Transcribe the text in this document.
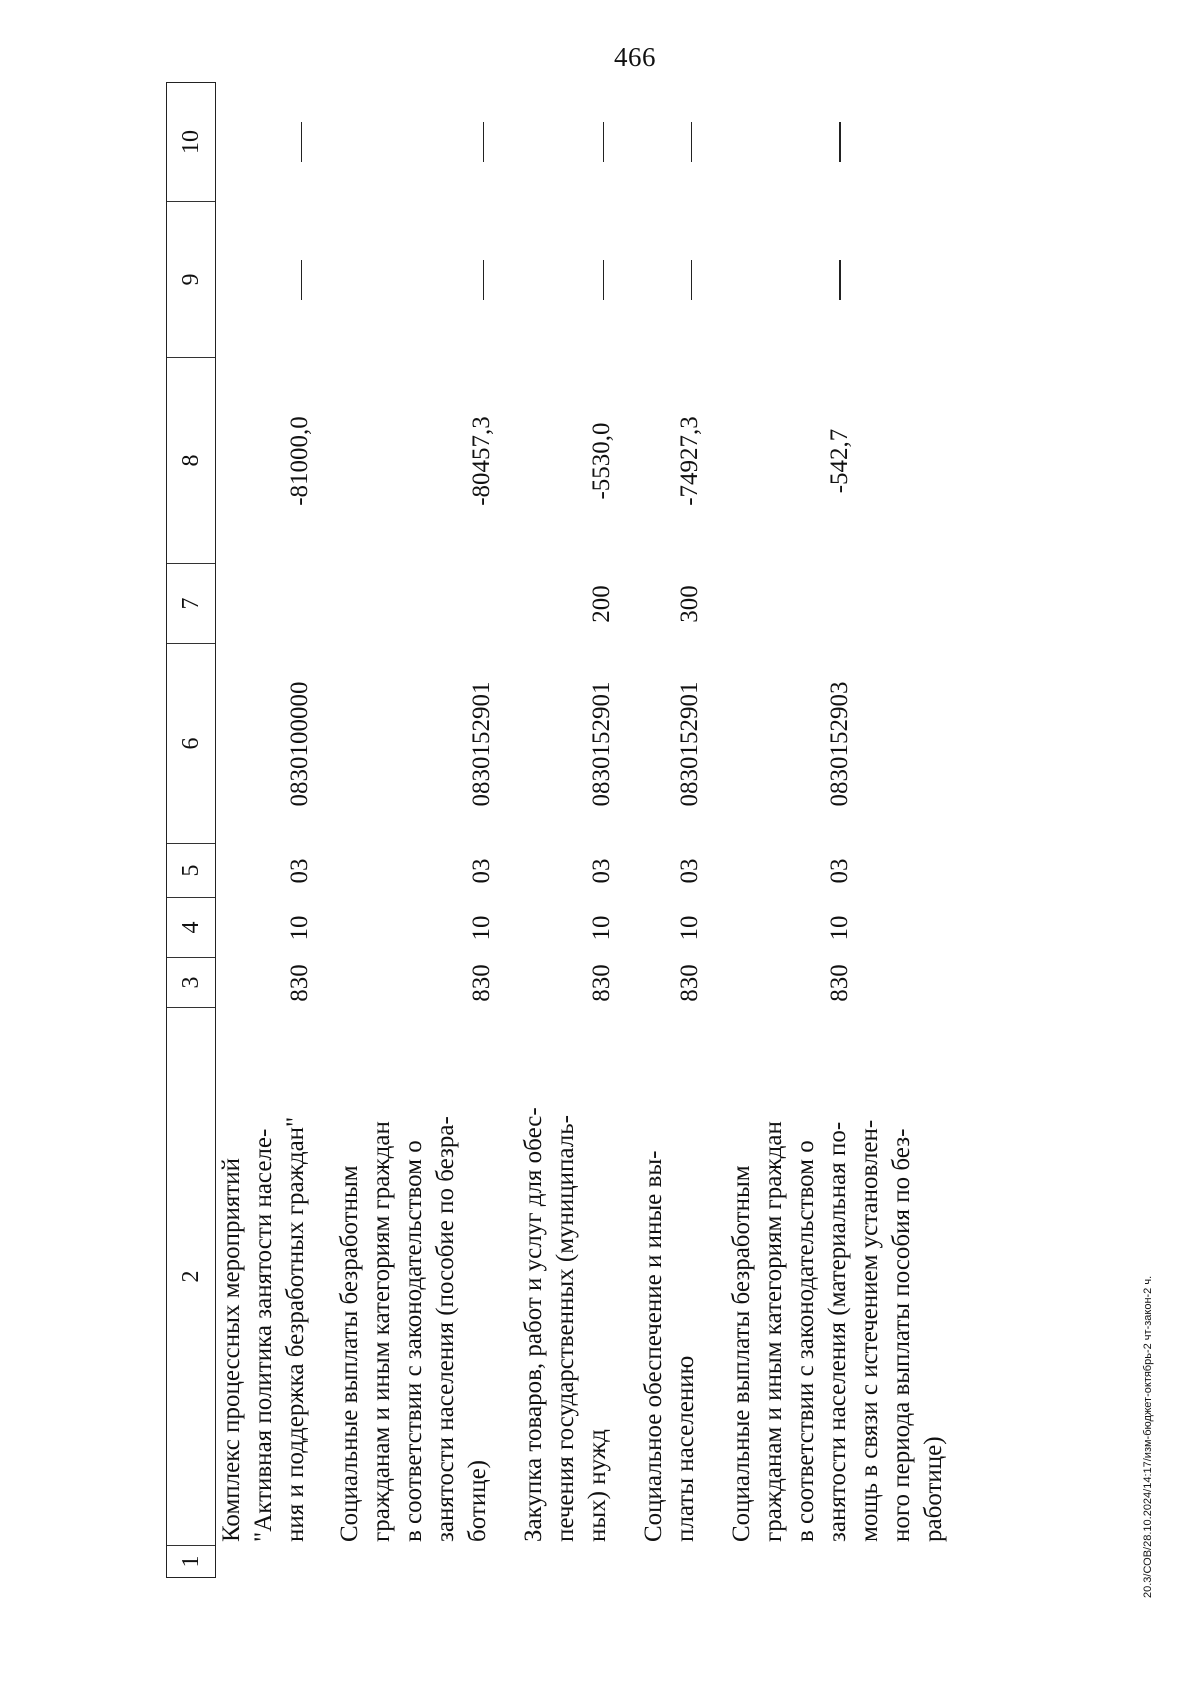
466
20.3/СОВ/28.10.2024/14:17/изм-бюджет-октябрь-2 чт-закон-2 ч.
1
2
3
4
5
6
7
8
9
10
Комплекс процессных мероприятий "Активная политика занятости населе- ния и поддержка безработных граждан"
830
10
03
0830100000
-81000,0
Социальные выплаты безработным гражданам и иным категориям граждан в соответствии с законодательством о занятости населения (пособие по безра- ботице)
830
10
03
0830152901
-80457,3
Закупка товаров, работ и услуг для обес- печения государственных (муниципаль- ных) нужд
830
10
03
0830152901
200
-5530,0
Социальное обеспечение и иные вы- платы населению
830
10
03
0830152901
300
-74927,3
Социальные выплаты безработным гражданам и иным категориям граждан в соответствии с законодательством о занятости населения (материальная по- мощь в связи с истечением установлен- ного периода выплаты пособия по без- работице)
830
10
03
0830152903
-542,7
